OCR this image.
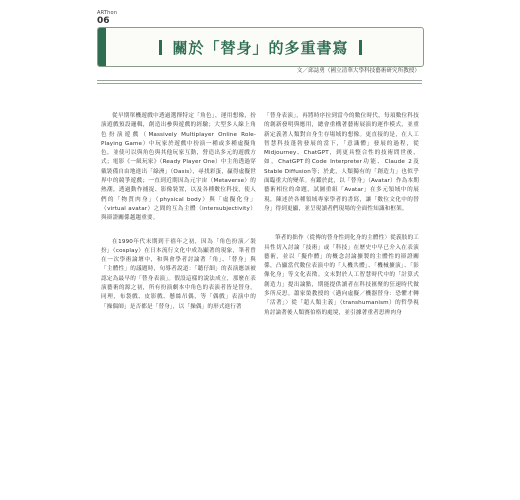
ARThon
06
關於「替身」的多重書寫
文／邱誌勇（國立清華大學科技藝術研究所教授）

從早期單機遊戲中透過選擇特定「角色」，運用想像，扮演遊戲預設邏輯，創造出參與遊戲的經驗；大型多人線上角色扮演遊戲（Massively Multiplayer Online Role-Playing Game）中玩家於遊戲中扮演一種或多種虛擬角色，並使可以與角色與其他玩家互動，營造出多元的遊戲方式；電影《一級玩家》（Ready Player One）中主角透過穿戴裝備自由地進出「綠洲」（Oasis），尋找彩蛋，贏得虛擬世界中的競爭遊戲；一直到近期因為元宇宙（Metaverse）的熱潮，透過動作捕捉、影像裝置，以及各種數位科技，使人們的「物質肉身」（physical body）與「虛擬化身」（virtual avatar）之間的互為主體（intersubjectivity）與辯證關係越趨重要。

在1990年代末期到千禧年之初，因為「角色扮演／裝扮」（cosplay）在日本流行文化中成為顯著的現象，筆者曾在一次學術論壇中，和與會學者討論著「角」、「替身」與「主體性」的議題時，旬導者說道：「聽仔細」的表演應該被認定為最早的「替身表演」。假設這樣的說法成立，那麼在表演藝術的源之初，所有扮演劇本中角色的表演者皆是替身。同理，布袋戲、皮影戲、懸絲吊偶，等「偶戲」表演中的「操偶師」是否都是「替身」，以「操偶」的形式進行著

「替身表演」，再將時序拉到當今的數位時代，每項數位科技的創新發明與應用，總會重構著藝術展演的運作模式，並重新定義著人類對自身生存場域的想像。更直接的是，在人工智慧科技蓬勃發展的當下，「意識體」發展的過程，從Midjourney、ChatGPT，到更具整合性的技術問世後，如，ChatGPT的Code Interpreter功能、Claude 2及Stable Diffusion等；於此，人類獨有的「創造力」也似乎面臨重大的變革。有鑑於此，以「替身」（Avatar）作為本期藝術相位的命題，試圖重組「Avatar」在多元領域中的展現，陳述於各種領域專家學者的書寫，讓「數位文化中的替身」得到更顯，並呈現讀者們現場的全面性知識和框架。

筆者的拙作〈從傳的替身性到化身的主體性〉從義肢的工具性切入討論「技術」或「科技」在歷史中早已介入在表演藝術，並以「擬作體」的概念討論擴製的主體性的辯證關係，凸顯當代數位表演中的「人機共體」、「機械擴演」、「影像化身」等文化表徵。文末對於人工智慧時代中的「計算式創造力」提出論點，期能提供讀者在科技匯聚的狂速時代做多所反思。蕭家榮教授的〈邁向虛擬／機器替身：恐懼才轉「活著」〉從「超人類主義」（transhumanism）的哲學視角討論著後人類賽伯格的處境，並引據著重者思辨肉身
